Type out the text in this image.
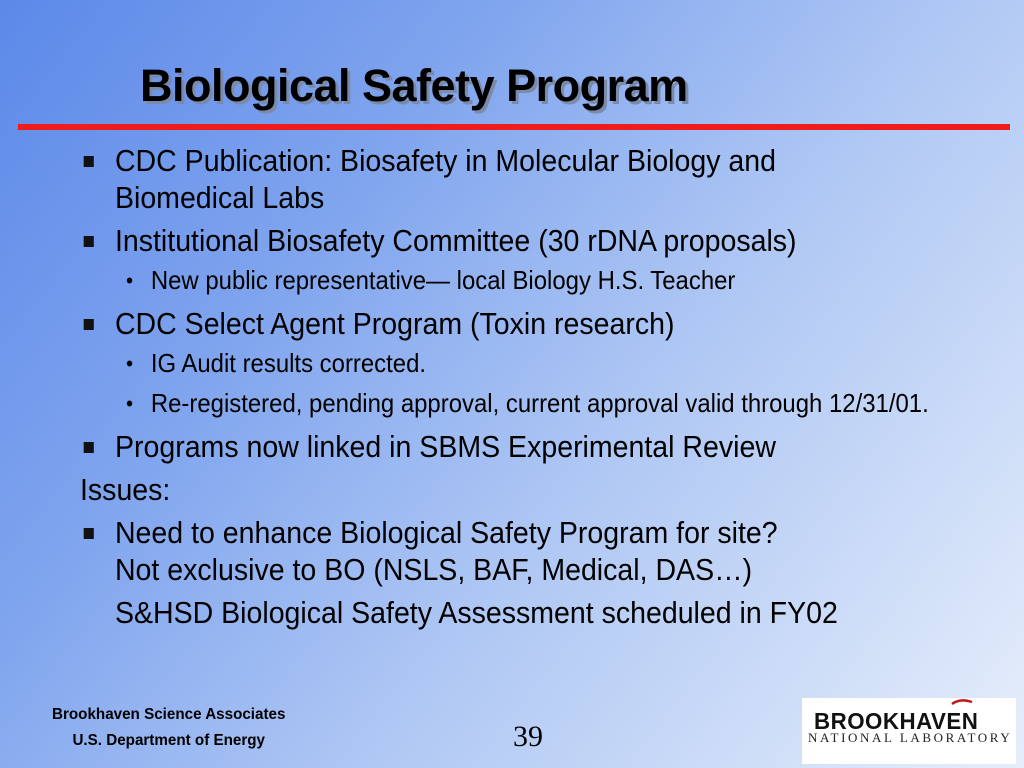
Biological Safety Program
CDC Publication: Biosafety in Molecular Biology and
Biomedical Labs
Institutional Biosafety Committee (30 rDNA proposals)
• New public representative— local Biology H.S. Teacher
CDC Select Agent Program (Toxin research)
• IG Audit results corrected.
• Re-registered, pending approval, current approval valid through 12/31/01.
Programs now linked in SBMS Experimental Review
Issues:
Need to enhance Biological Safety Program for site?
Not exclusive to BO (NSLS, BAF, Medical, DAS…)
S&HSD Biological Safety Assessment scheduled in FY02
Brookhaven Science Associates
U.S. Department of Energy	39	BROOKHAVEN
NATIONAL LABORATORY
